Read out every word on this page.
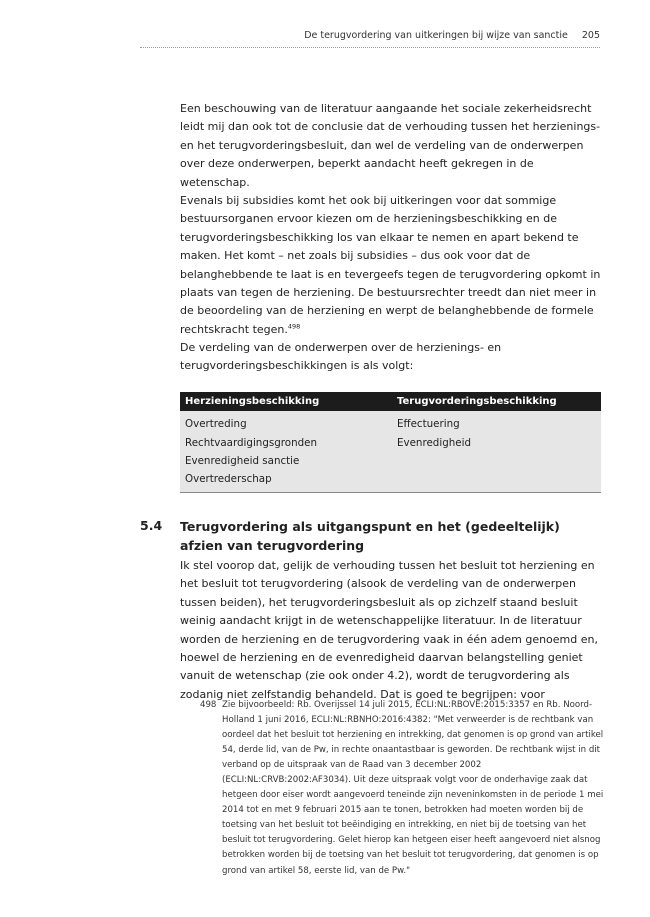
De terugvordering van uitkeringen bij wijze van sanctie 205

Een beschouwing van de literatuur aangaande het sociale zekerheidsrecht leidt mij dan ook tot de conclusie dat de verhouding tussen het herzienings- en het terugvorderingsbesluit, dan wel de verdeling van de onderwerpen over deze onderwerpen, beperkt aandacht heeft gekregen in de wetenschap.

Evenals bij subsidies komt het ook bij uitkeringen voor dat sommige bestuursorganen ervoor kiezen om de herzieningsbeschikking en de terugvorderingsbeschikking los van elkaar te nemen en apart bekend te maken. Het komt – net zoals bij subsidies – dus ook voor dat de belanghebbende te laat is en tevergeefs tegen de terugvordering opkomt in plaats van tegen de herziening. De bestuursrechter treedt dan niet meer in de beoordeling van de herziening en werpt de belanghebbende de formele rechtskracht tegen.$^{498}$

De verdeling van de onderwerpen over de herzienings- en terugvorderingsbeschikkingen is als volgt:

Herzieningsbeschikking	Terugvorderingsbeschikking
Overtreding	Effectuering
Rechtvaardigingsgronden	Evenredigheid
Evenredigheid sanctie
Overtrederschap
5.4 Terugvordering als uitgangspunt en het (gedeeltelijk) afzien van terugvordering

Ik stel voorop dat, gelijk de verhouding tussen het besluit tot herziening en het besluit tot terugvordering (alsook de verdeling van de onderwerpen tussen beiden), het terugvorderingsbesluit als op zichzelf staand besluit weinig aandacht krijgt in de wetenschappelijke literatuur. In de literatuur worden de herziening en de terugvordering vaak in één adem genoemd en, hoewel de herziening en de evenredigheid daarvan belangstelling geniet vanuit de wetenschap (zie ook onder 4.2), wordt de terugvordering als zodanig niet zelfstandig behandeld. Dat is goed te begrijpen: voor

498 Zie bijvoorbeeld: Rb. Overijssel 14 juli 2015, ECLI:NL:RBOVE:2015:3357 en Rb. Noord-Holland 1 juni 2016, ECLI:NL:RBNHO:2016:4382: "Met verweerder is de rechtbank van oordeel dat het besluit tot herziening en intrekking, dat genomen is op grond van artikel 54, derde lid, van de Pw, in rechte onaantastbaar is geworden. De rechtbank wijst in dit verband op de uitspraak van de Raad van 3 december 2002 (ECLI:NL:CRVB:2002:AF3034). Uit deze uitspraak volgt voor de onderhavige zaak dat hetgeen door eiser wordt aangevoerd teneinde zijn neveninkomsten in de periode 1 mei 2014 tot en met 9 februari 2015 aan te tonen, betrokken had moeten worden bij de toetsing van het besluit tot beëindiging en intrekking, en niet bij de toetsing van het besluit tot terugvordering. Gelet hierop kan hetgeen eiser heeft aangevoerd niet alsnog betrokken worden bij de toetsing van het besluit tot terugvordering, dat genomen is op grond van artikel 58, eerste lid, van de Pw."
